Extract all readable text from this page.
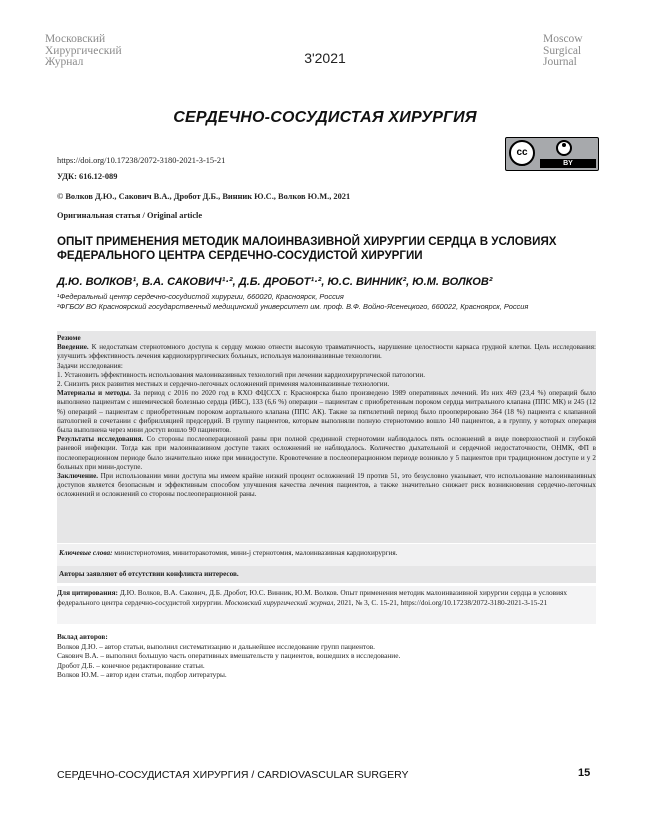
Московский
Хирургический
Журнал	3'2021
Moscow
Surgical
Journal
СЕРДЕЧНО-СОСУДИСТАЯ ХИРУРГИЯ
https://doi.org/10.17238/2072-3180-2021-3-15-21
УДК: 616.12-089
© Волков Д.Ю., Сакович В.А., Дробот Д.Б., Винник Ю.С., Волков Ю.М., 2021
Оригинальная статья / Original article
cc
BY
ОПЫТ ПРИМЕНЕНИЯ МЕТОДИК МАЛОИНВАЗИВНОЙ ХИРУРГИИ СЕРДЦА В УСЛОВИЯХ ФЕДЕРАЛЬНОГО ЦЕНТРА СЕРДЕЧНО-СОСУДИСТОЙ ХИРУРГИИ
Д.Ю. ВОЛКОВ¹, В.А. САКОВИЧ¹·², Д.Б. ДРОБОТ¹·², Ю.С. ВИННИК², Ю.М. ВОЛКОВ²
¹Федеральный центр сердечно-сосудистой хирургии, 660020, Красноярск, Россия
²ФГБОУ ВО Красноярский государственный медицинский университет им. проф. В.Ф. Войно-Ясенецкого, 660022, Красноярск, Россия

Резюме

Введение. К недостаткам стернотомного доступа к сердцу можно отнести высокую травматичность, нарушение целостности каркаса грудной клетки. Цель исследования: улучшить эффективность лечения кардиохирургических больных, используя малоинвазивные технологии.

Задачи исследования:

1. Установить эффективность использования малоинвазивных технологий при лечении кардиохирургической патологии.

2. Снизить риск развития местных и сердечно-легочных осложнений применяя малоинвазивные технологии.

Материалы и методы. За период с 2016 по 2020 год в КХО ФЦССХ г. Красноярска было произведено 1989 оперативных лечений. Из них 469 (23,4 %) операций было выполнено пациентам с ишемической болезнью сердца (ИБС), 133 (6,6 %) операции – пациентам с приобретенным пороком сердца митрального клапана (ППС МК) и 245 (12 %) операций – пациентам с приобретенным пороком аортального клапана (ППС АК). Также за пятилетний период было прооперировано 364 (18 %) пациента с клапанной патологией в сочетании с фибрилляцией предсердий. В группу пациентов, которым выполняли полную стернотомию вошло 140 пациентов, а в группу, у которых операция была выполнена через мини доступ вошло 90 пациентов.

Результаты исследования. Со стороны послеоперационной раны при полной срединной стернотомии наблюдалось пять осложнений в виде поверхностной и глубокой раневой инфекции. Тогда как при малоинвазивном доступе таких осложнений не наблюдалось. Количество дыхательной и сердечной недостаточности, ОНМК, ФП в послеоперационном периоде было значительно ниже при минидоступе. Кровотечение в послеоперационном периоде возникло у 5 пациентов при традиционном доступе и у 2 больных при мини-доступе.

Заключение. При использовании мини доступа мы имеем крайне низкий процент осложнений 19 против 51, это безусловно указывает, что использование малоинвазивных доступов является безопасным и эффективным способом улучшения качества лечения пациентов, а также значительно снижает риск возникновения сердечно-легочных осложнений и осложнений со стороны послеоперационной раны.

Ключевые слова: министернотомия, миниторакотомия, мини-j стернотомия, малоинвазивная кардиохирургия.
Авторы заявляют об отсутствии конфликта интересов.
Для цитирования: Д.Ю. Волков, В.А. Сакович, Д.Б. Дробот, Ю.С. Винник, Ю.М. Волков. Опыт применения методик малоинвазивной хирургии сердца в условиях федерального центра сердечно-сосудистой хирургии. Московский хирургический журнал, 2021, № 3, С. 15-21, https://doi.org/10.17238/2072-3180-2021-3-15-21

Вклад авторов:

Волков Д.Ю. – автор статьи, выполнил систематизацию и дальнейшее исследование групп пациентов.

Сакович В.А. – выполнил большую часть оперативных вмешательств у пациентов, вошедших в исследование.

Дробот Д.Б. – конечное редактирование статьи.

Волков Ю.М. – автор идеи статьи, подбор литературы.

СЕРДЕЧНО-СОСУДИСТАЯ ХИРУРГИЯ / CARDIOVASCULAR SURGERY	15
